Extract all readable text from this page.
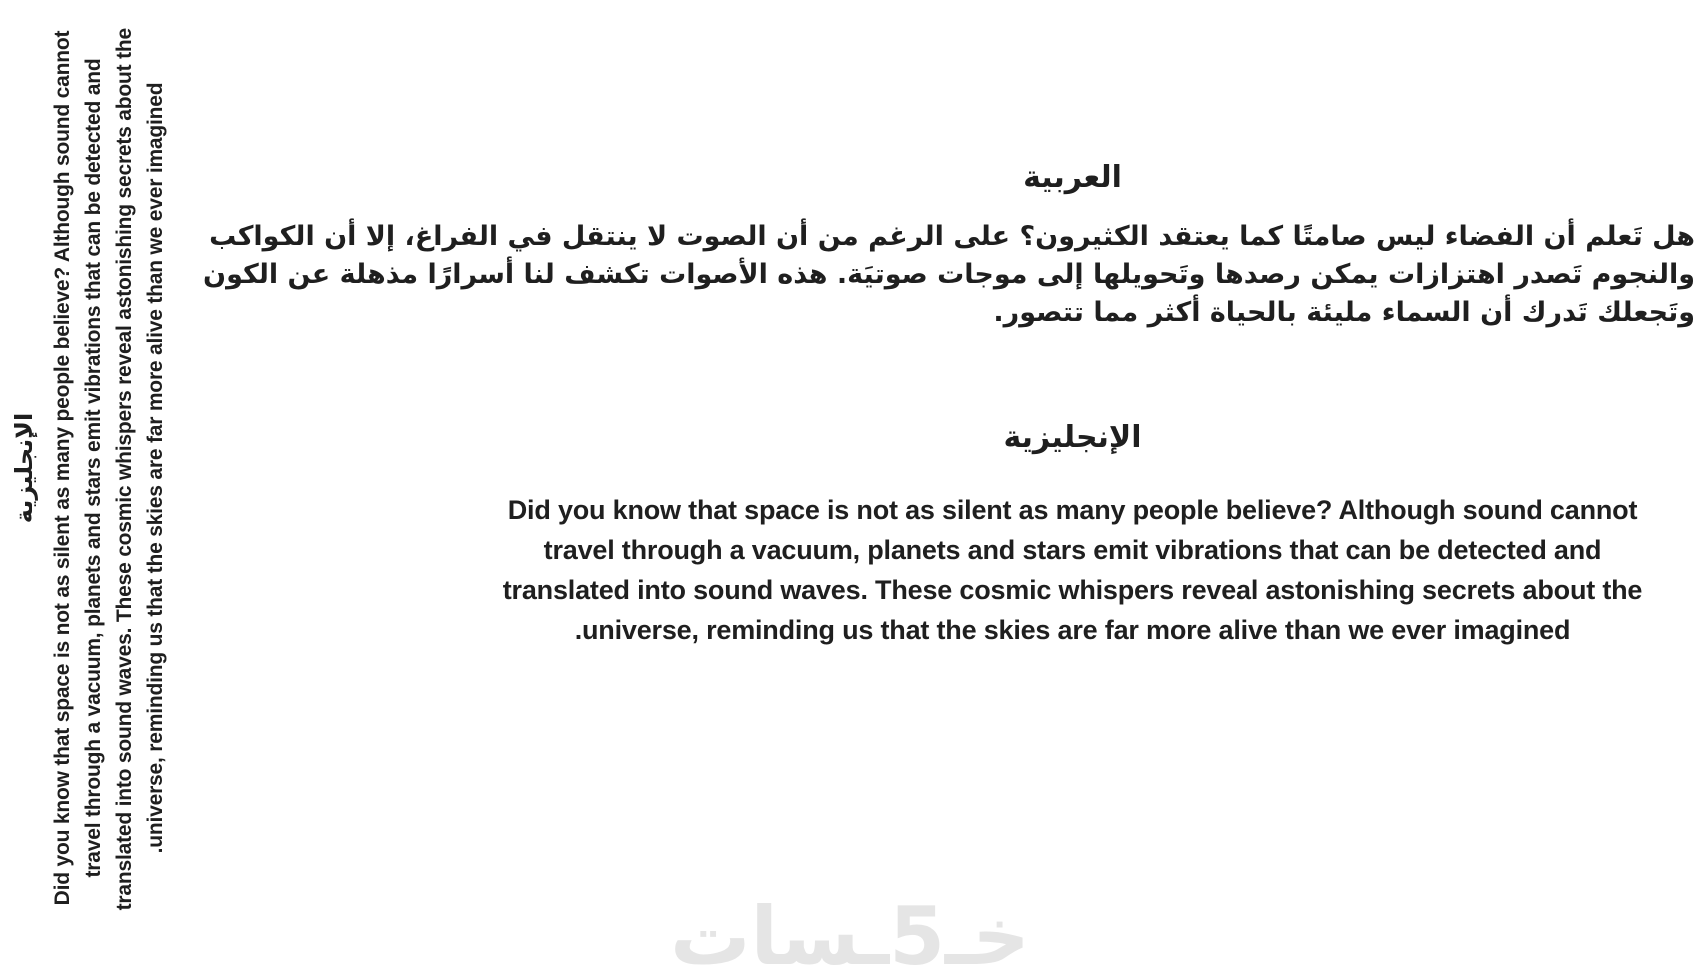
الإنجليزية Did you know that space is not as silent as many people believe? Although sound cannot travel through a vacuum, planets and stars emit vibrations that can be detected and translated into sound waves. These cosmic whispers reveal astonishing secrets about the universe, reminding us that the skies are far more alive than we ever imagined.	العربية
هل تَعلم أن الفضاء ليس صامتًا كما يعتقد الكثيرون؟ على الرغم من أن الصوت لا ينتقل في الفراغ، إلا أن الكواكب
والنجوم تَصدر اهتزازات يمكن رصدها وتَحويلها إلى موجات صوتيَة. هذه الأصوات تكشف لنا أسرارًا مذهلة عن الكون
وتَجعلك تَدرك أن السماء مليئة بالحياة أكثر مما تتصور.
الإنجليزية
Did you know that space is not as silent as many people believe? Although sound cannot
travel through a vacuum, planets and stars emit vibrations that can be detected and
translated into sound waves. These cosmic whispers reveal astonishing secrets about the
universe, reminding us that the skies are far more alive than we ever imagined.
خـ5ـسات
